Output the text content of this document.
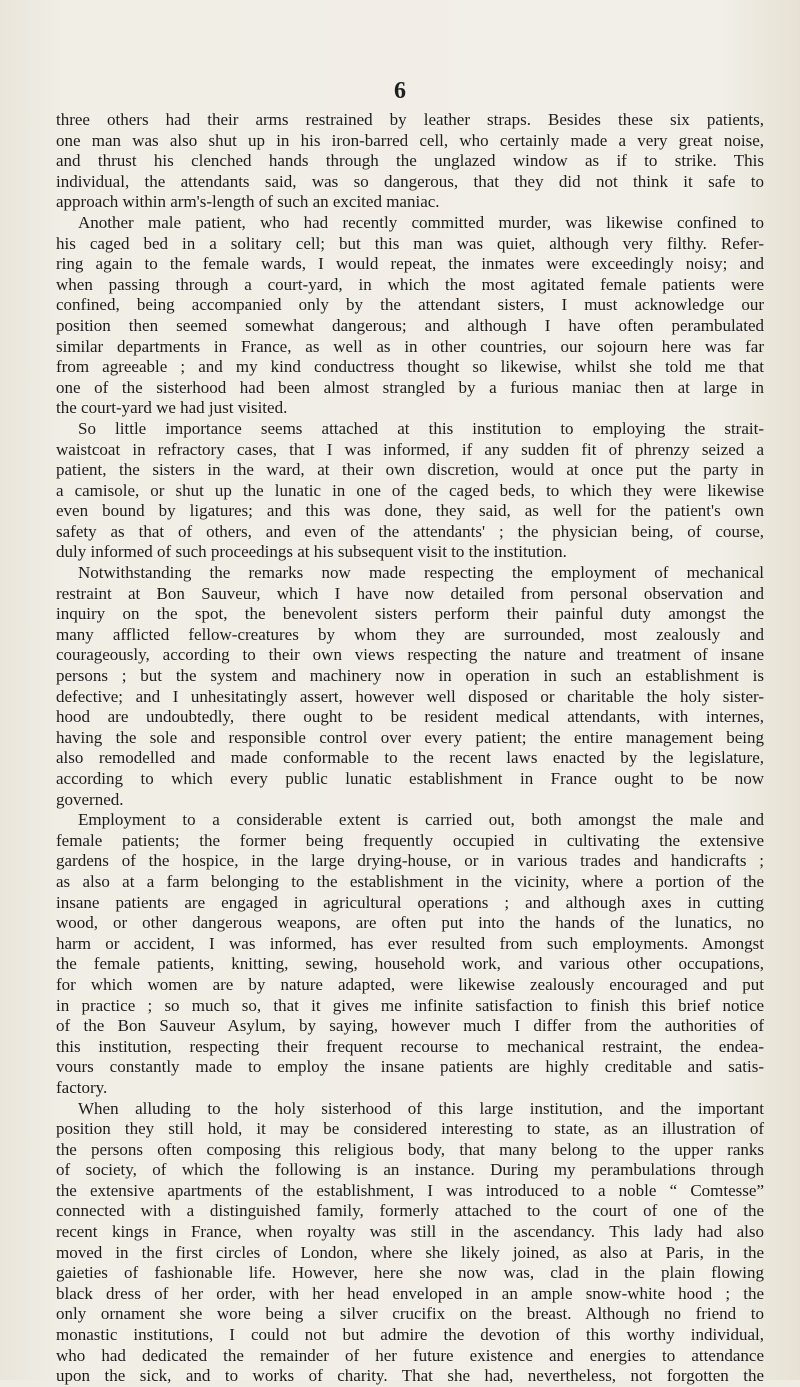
6
three others had their arms restrained by leather straps. Besides these six patients,
one man was also shut up in his iron-barred cell, who certainly made a very great noise,
and thrust his clenched hands through the unglazed window as if to strike. This
individual, the attendants said, was so dangerous, that they did not think it safe to
approach within arm's-length of such an excited maniac.
Another male patient, who had recently committed murder, was likewise confined to
his caged bed in a solitary cell; but this man was quiet, although very filthy. Refer-
ring again to the female wards, I would repeat, the inmates were exceedingly noisy; and
when passing through a court-yard, in which the most agitated female patients were
confined, being accompanied only by the attendant sisters, I must acknowledge our
position then seemed somewhat dangerous; and although I have often perambulated
similar departments in France, as well as in other countries, our sojourn here was far
from agreeable ; and my kind conductress thought so likewise, whilst she told me that
one of the sisterhood had been almost strangled by a furious maniac then at large in
the court-yard we had just visited.
So little importance seems attached at this institution to employing the strait-
waistcoat in refractory cases, that I was informed, if any sudden fit of phrenzy seized a
patient, the sisters in the ward, at their own discretion, would at once put the party in
a camisole, or shut up the lunatic in one of the caged beds, to which they were likewise
even bound by ligatures; and this was done, they said, as well for the patient's own
safety as that of others, and even of the attendants' ; the physician being, of course,
duly informed of such proceedings at his subsequent visit to the institution.
Notwithstanding the remarks now made respecting the employment of mechanical
restraint at Bon Sauveur, which I have now detailed from personal observation and
inquiry on the spot, the benevolent sisters perform their painful duty amongst the
many afflicted fellow-creatures by whom they are surrounded, most zealously and
courageously, according to their own views respecting the nature and treatment of insane
persons ; but the system and machinery now in operation in such an establishment is
defective; and I unhesitatingly assert, however well disposed or charitable the holy sister-
hood are undoubtedly, there ought to be resident medical attendants, with internes,
having the sole and responsible control over every patient; the entire management being
also remodelled and made conformable to the recent laws enacted by the legislature,
according to which every public lunatic establishment in France ought to be now
governed.
Employment to a considerable extent is carried out, both amongst the male and
female patients; the former being frequently occupied in cultivating the extensive
gardens of the hospice, in the large drying-house, or in various trades and handicrafts ;
as also at a farm belonging to the establishment in the vicinity, where a portion of the
insane patients are engaged in agricultural operations ; and although axes in cutting
wood, or other dangerous weapons, are often put into the hands of the lunatics, no
harm or accident, I was informed, has ever resulted from such employments. Amongst
the female patients, knitting, sewing, household work, and various other occupations,
for which women are by nature adapted, were likewise zealously encouraged and put
in practice ; so much so, that it gives me infinite satisfaction to finish this brief notice
of the Bon Sauveur Asylum, by saying, however much I differ from the authorities of
this institution, respecting their frequent recourse to mechanical restraint, the endea-
vours constantly made to employ the insane patients are highly creditable and satis-
factory.
When alluding to the holy sisterhood of this large institution, and the important
position they still hold, it may be considered interesting to state, as an illustration of
the persons often composing this religious body, that many belong to the upper ranks
of society, of which the following is an instance. During my perambulations through
the extensive apartments of the establishment, I was introduced to a noble “ Comtesse”
connected with a distinguished family, formerly attached to the court of one of the
recent kings in France, when royalty was still in the ascendancy. This lady had also
moved in the first circles of London, where she likely joined, as also at Paris, in the
gaieties of fashionable life. However, here she now was, clad in the plain flowing
black dress of her order, with her head enveloped in an ample snow-white hood ; the
only ornament she wore being a silver crucifix on the breast. Although no friend to
monastic institutions, I could not but admire the devotion of this worthy individual,
who had dedicated the remainder of her future existence and energies to attendance
upon the sick, and to works of charity. That she had, nevertheless, not forgotten the
